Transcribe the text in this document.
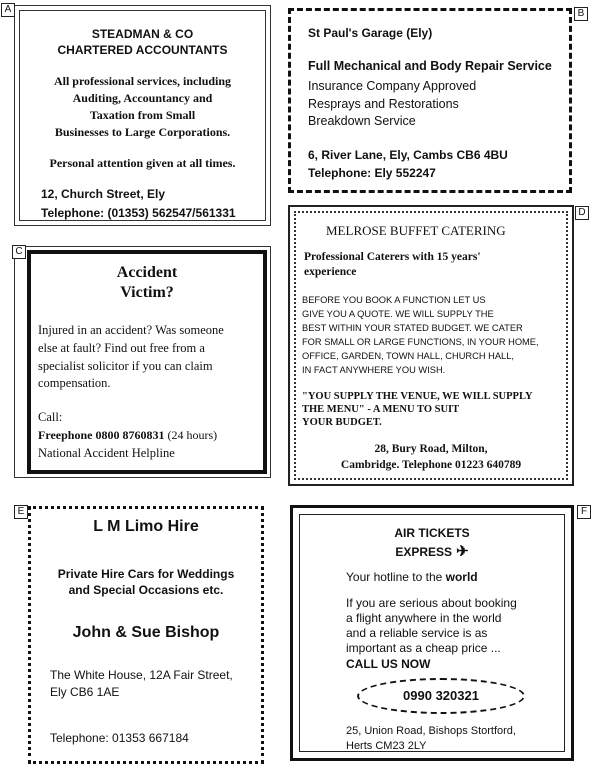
STEADMAN & CO
CHARTERED ACCOUNTANTS
All professional services, including
Auditing, Accountancy and
Taxation from Small
Businesses to Large Corporations.
Personal attention given at all times.
12, Church Street, Ely
Telephone: (01353) 562547/561331
A
St Paul's Garage (Ely)
Full Mechanical and Body Repair Service
Insurance Company Approved
Resprays and Restorations
Breakdown Service
6, River Lane, Ely, Cambs CB6 4BU
Telephone: Ely 552247
B
Accident
Victim?
Injured in an accident? Was someone
else at fault? Find out free from a
specialist solicitor if you can claim
compensation.
Call:
Freephone 0800 8760831 (24 hours)
National Accident Helpline
C
MELROSE BUFFET CATERING
Professional Caterers with 15 years'
experience
BEFORE YOU BOOK A FUNCTION LET US
GIVE YOU A QUOTE. WE WILL SUPPLY THE
BEST WITHIN YOUR STATED BUDGET. WE CATER
FOR SMALL OR LARGE FUNCTIONS, IN YOUR HOME,
OFFICE, GARDEN, TOWN HALL, CHURCH HALL,
IN FACT ANYWHERE YOU WISH.
"YOU SUPPLY THE VENUE, WE WILL SUPPLY
THE MENU" - A MENU TO SUIT
YOUR BUDGET.
28, Bury Road, Milton,
Cambridge. Telephone 01223 640789
D
L M Limo Hire
Private Hire Cars for Weddings
and Special Occasions etc.
John & Sue Bishop
The White House, 12A Fair Street,
Ely CB6 1AE
Telephone: 01353 667184
E
AIR TICKETS
EXPRESS ✈
Your hotline to the world
If you are serious about booking
a flight anywhere in the world
and a reliable service is as
important as a cheap price ...
CALL US NOW
0990 320321
25, Union Road, Bishops Stortford,
Herts CM23 2LY
F
